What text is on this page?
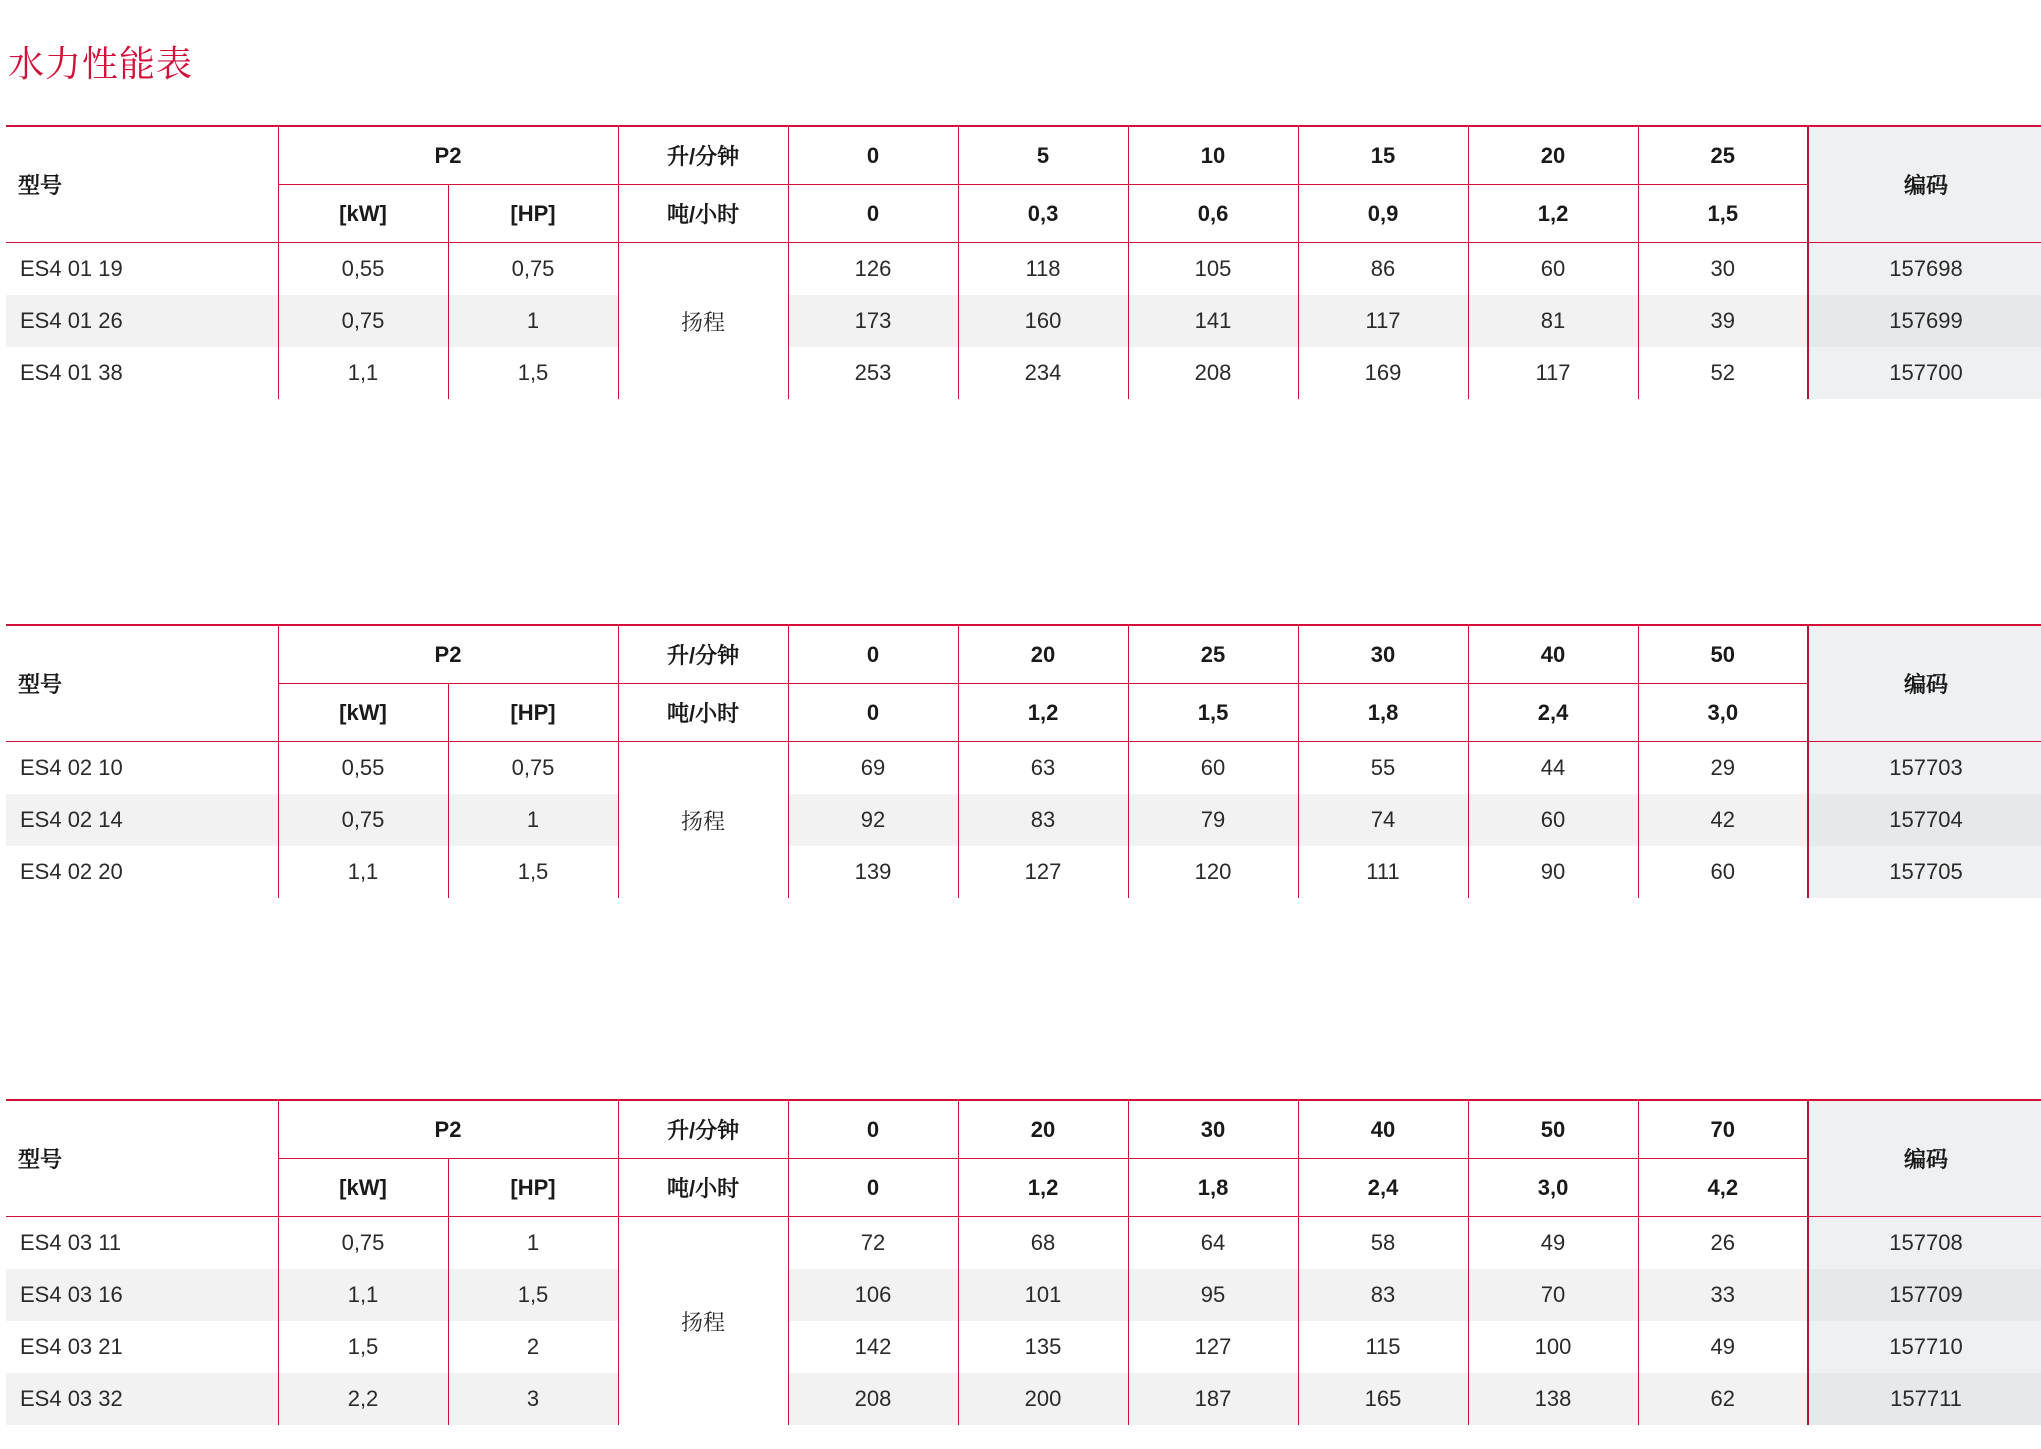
水力性能表
型号	P2		升/分钟	0	5	10	15	20	25	编码
	[kW]	[HP]	吨/小时	0	0,3	0,6	0,9	1,2	1,5	
ES4 01 19	0,55	0,75	扬程	126	118	105	86	60	30	157698
ES4 01 26	0,75	1		173	160	141	117	81	39	157699
ES4 01 38	1,1	1,5		253	234	208	169	117	52	157700
型号	P2		升/分钟	0	20	25	30	40	50	编码
	[kW]	[HP]	吨/小时	0	1,2	1,5	1,8	2,4	3,0	
ES4 02 10	0,55	0,75	扬程	69	63	60	55	44	29	157703
ES4 02 14	0,75	1		92	83	79	74	60	42	157704
ES4 02 20	1,1	1,5		139	127	120	111	90	60	157705
型号	P2		升/分钟	0	20	30	40	50	70	编码
	[kW]	[HP]	吨/小时	0	1,2	1,8	2,4	3,0	4,2	
ES4 03 11	0,75	1	扬程	72	68	64	58	49	26	157708
ES4 03 16	1,1	1,5		106	101	95	83	70	33	157709
ES4 03 21	1,5	2		142	135	127	115	100	49	157710
ES4 03 32	2,2	3		208	200	187	165	138	62	157711
